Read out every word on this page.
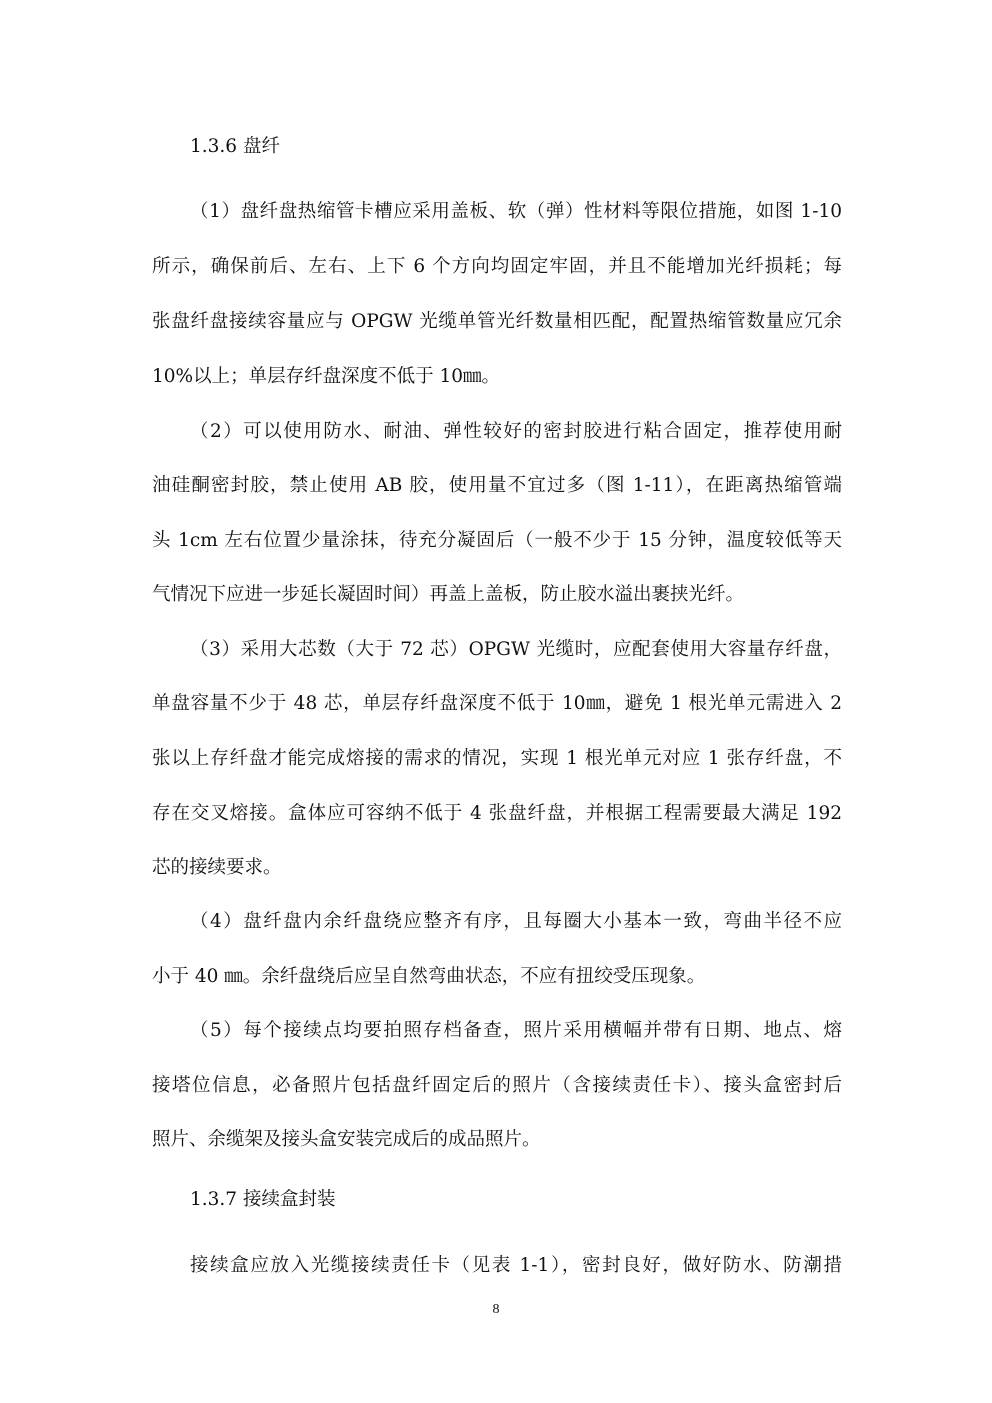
1.3.6 盘纤
（1）盘纤盘热缩管卡槽应采用盖板、软（弹）性材料等限位措施，如图 1-10
所示，确保前后、左右、上下 6 个方向均固定牢固，并且不能增加光纤损耗；每
张盘纤盘接续容量应与 OPGW 光缆单管光纤数量相匹配，配置热缩管数量应冗余
10%以上；单层存纤盘深度不低于 10㎜。
（2）可以使用防水、耐油、弹性较好的密封胶进行粘合固定，推荐使用耐
油硅酮密封胶，禁止使用 AB 胶，使用量不宜过多（图 1-11），在距离热缩管端
头 1cm 左右位置少量涂抹，待充分凝固后（一般不少于 15 分钟，温度较低等天
气情况下应进一步延长凝固时间）再盖上盖板，防止胶水溢出裹挟光纤。
（3）采用大芯数（大于 72 芯）OPGW 光缆时，应配套使用大容量存纤盘，
单盘容量不少于 48 芯，单层存纤盘深度不低于 10㎜，避免 1 根光单元需进入 2
张以上存纤盘才能完成熔接的需求的情况，实现 1 根光单元对应 1 张存纤盘，不
存在交叉熔接。盒体应可容纳不低于 4 张盘纤盘，并根据工程需要最大满足 192
芯的接续要求。
（4）盘纤盘内余纤盘绕应整齐有序，且每圈大小基本一致，弯曲半径不应
小于 40 ㎜。余纤盘绕后应呈自然弯曲状态，不应有扭绞受压现象。
（5）每个接续点均要拍照存档备查，照片采用横幅并带有日期、地点、熔
接塔位信息，必备照片包括盘纤固定后的照片（含接续责任卡）、接头盒密封后
照片、余缆架及接头盒安装完成后的成品照片。
1.3.7 接续盒封装
接续盒应放入光缆接续责任卡（见表 1-1），密封良好，做好防水、防潮措
8
